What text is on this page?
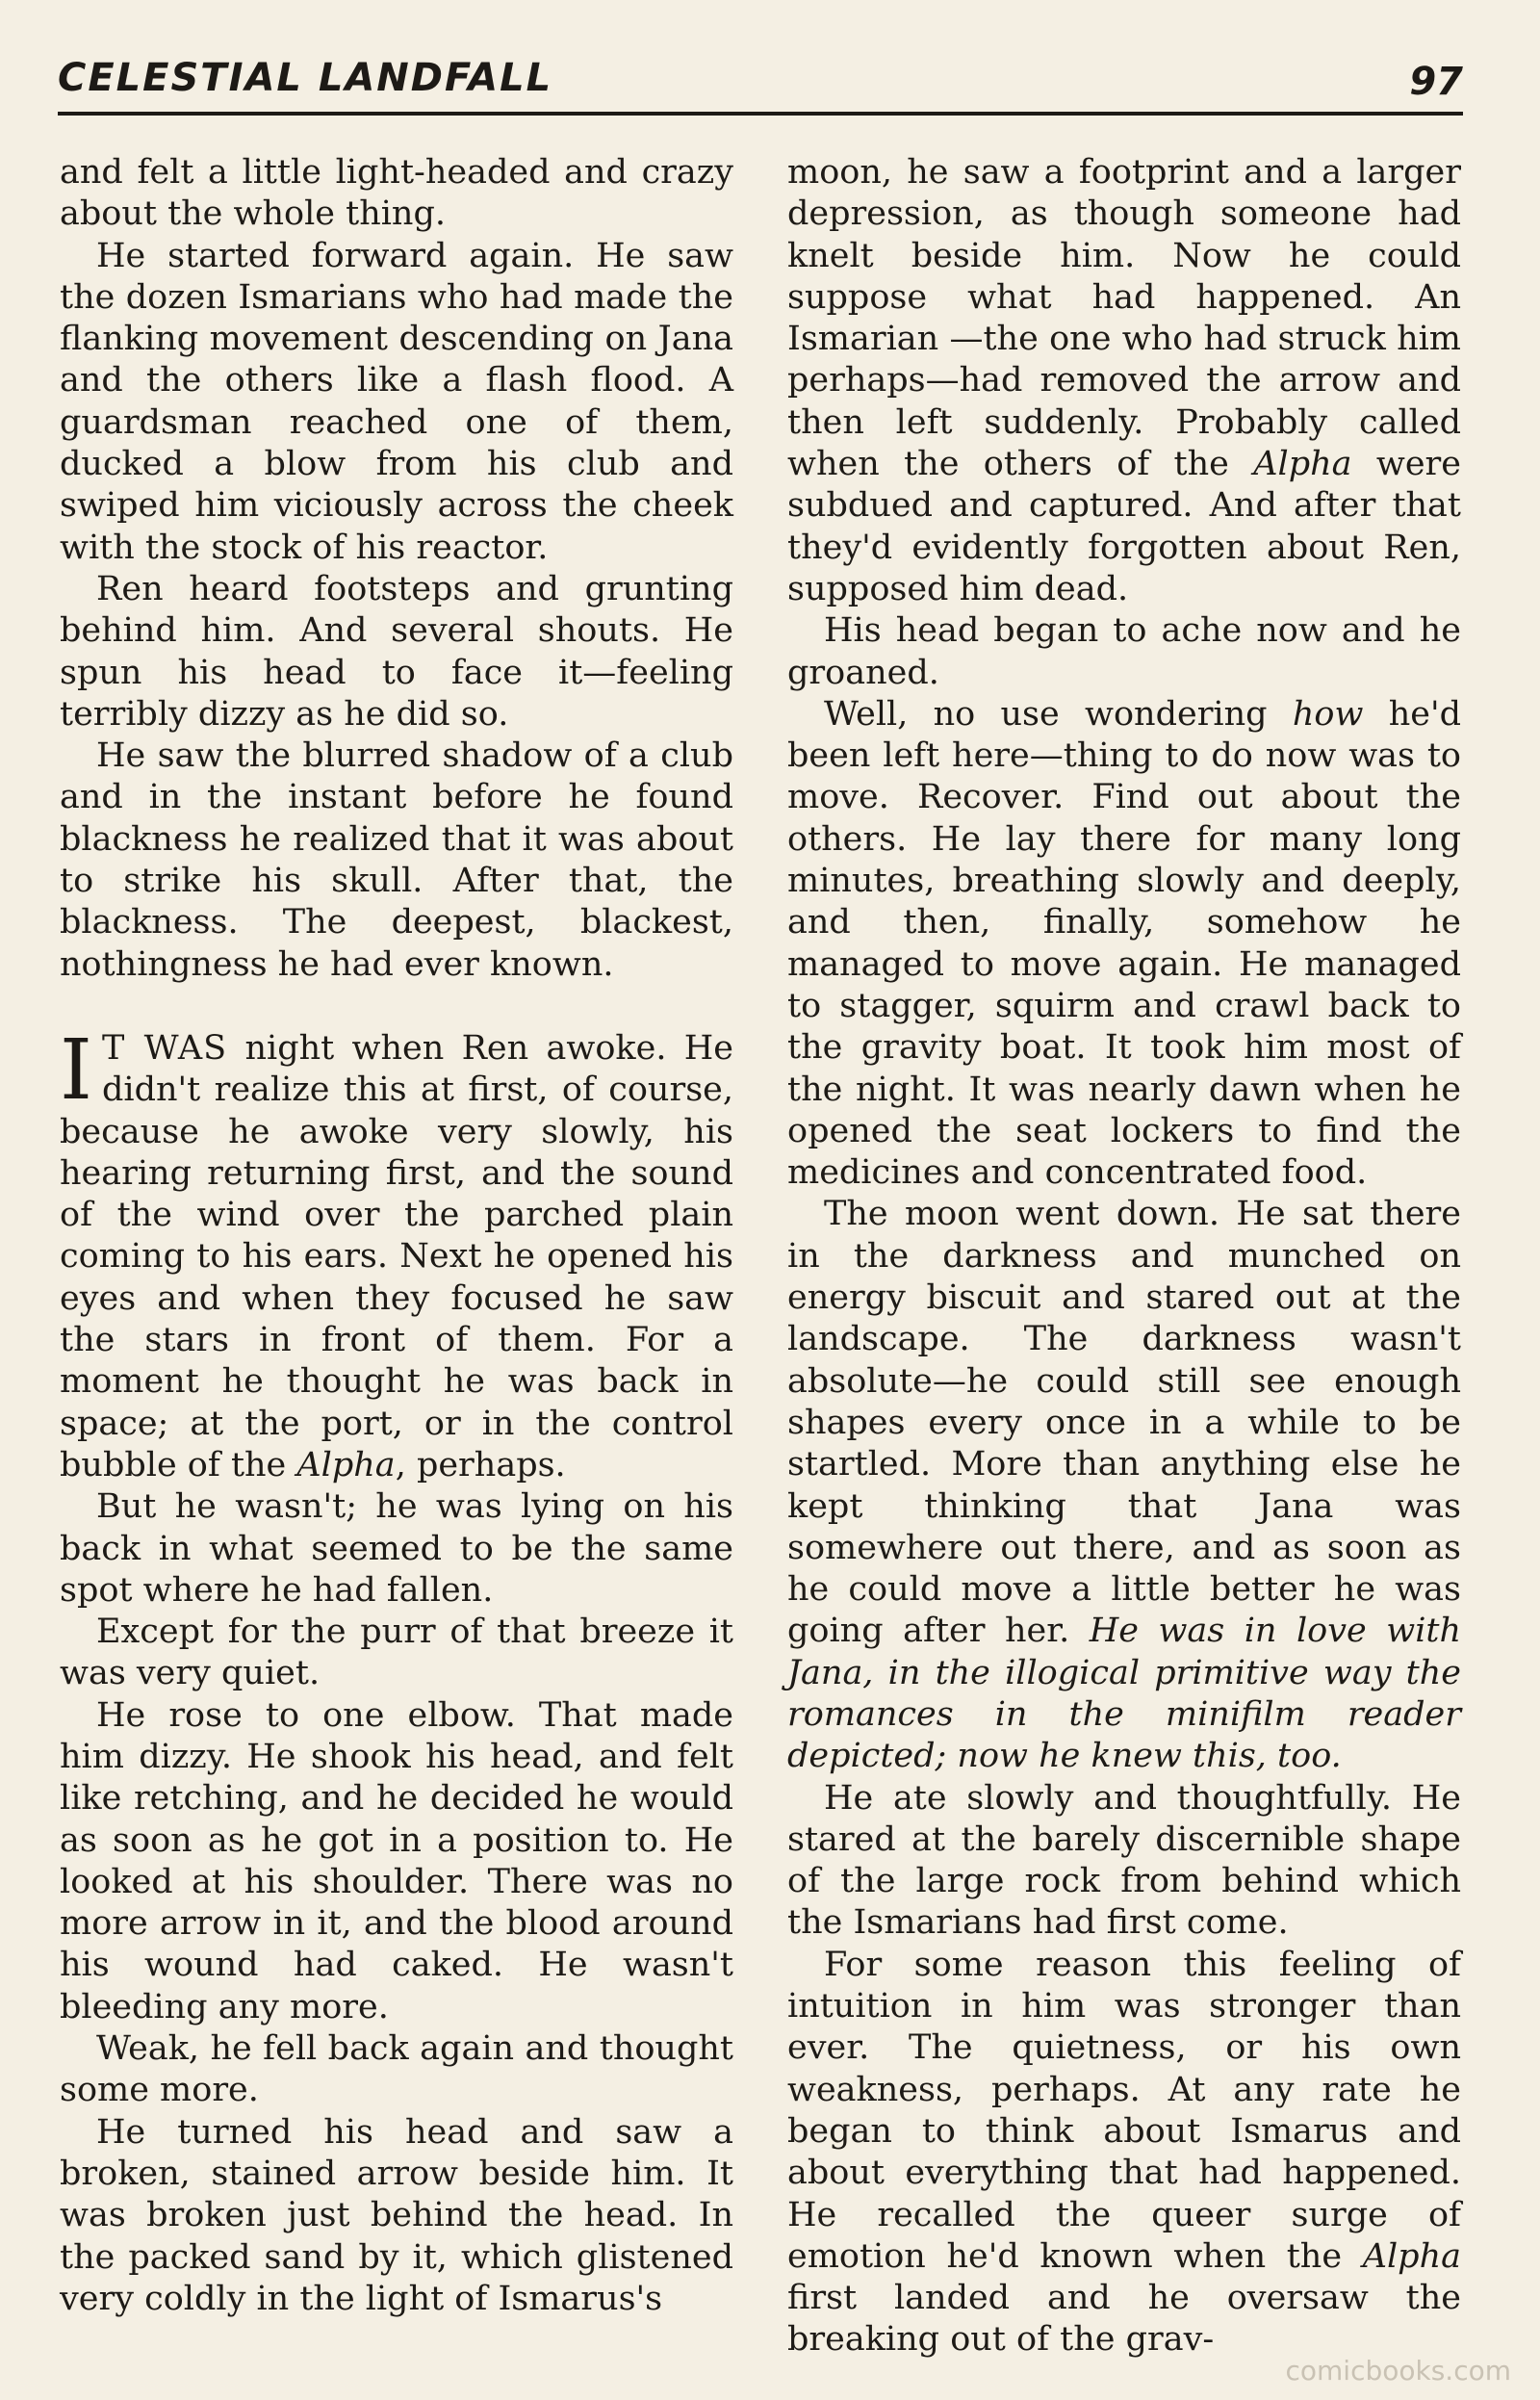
CELESTIAL LANDFALL	97

and felt a little light-headed and crazy about the whole thing.

He started forward again. He saw the dozen Ismarians who had made the flanking movement descending on Jana and the others like a flash flood. A guardsman reached one of them, ducked a blow from his club and swiped him viciously across the cheek with the stock of his reactor.

Ren heard footsteps and grunting behind him. And several shouts. He spun his head to face it—feeling terribly dizzy as he did so.

He saw the blurred shadow of a club and in the instant before he found blackness he realized that it was about to strike his skull. After that, the blackness. The deepest, blackest, nothingness he had ever known.

I T WAS night when Ren awoke. He didn't realize this at first, of course, because he awoke very slowly, his hearing returning first, and the sound of the wind over the parched plain coming to his ears. Next he opened his eyes and when they focused he saw the stars in front of them. For a moment he thought he was back in space; at the port, or in the control bubble of the Alpha, perhaps.

But he wasn't; he was lying on his back in what seemed to be the same spot where he had fallen.

Except for the purr of that breeze it was very quiet.

He rose to one elbow. That made him dizzy. He shook his head, and felt like retching, and he decided he would as soon as he got in a position to. He looked at his shoulder. There was no more arrow in it, and the blood around his wound had caked. He wasn't bleeding any more.

Weak, he fell back again and thought some more.

He turned his head and saw a broken, stained arrow beside him. It was broken just behind the head. In the packed sand by it, which glistened very coldly in the light of Ismarus's

moon, he saw a footprint and a larger depression, as though someone had knelt beside him. Now he could suppose what had happened. An Ismarian —the one who had struck him perhaps—had removed the arrow and then left suddenly. Probably called when the others of the Alpha were subdued and captured. And after that they'd evidently forgotten about Ren, supposed him dead.

His head began to ache now and he groaned.

Well, no use wondering how he'd been left here—thing to do now was to move. Recover. Find out about the others. He lay there for many long minutes, breathing slowly and deeply, and then, finally, somehow he managed to move again. He managed to stagger, squirm and crawl back to the gravity boat. It took him most of the night. It was nearly dawn when he opened the seat lockers to find the medicines and concentrated food.

The moon went down. He sat there in the darkness and munched on energy biscuit and stared out at the landscape. The darkness wasn't absolute—he could still see enough shapes every once in a while to be startled. More than anything else he kept thinking that Jana was somewhere out there, and as soon as he could move a little better he was going after her. He was in love with Jana, in the illogical primitive way the romances in the minifilm reader depicted; now he knew this, too.

He ate slowly and thoughtfully. He stared at the barely discernible shape of the large rock from behind which the Ismarians had first come.

For some reason this feeling of intuition in him was stronger than ever. The quietness, or his own weakness, perhaps. At any rate he began to think about Ismarus and about everything that had happened. He recalled the queer surge of emotion he'd known when the Alpha first landed and he oversaw the breaking out of the grav-

comicbooks.com
